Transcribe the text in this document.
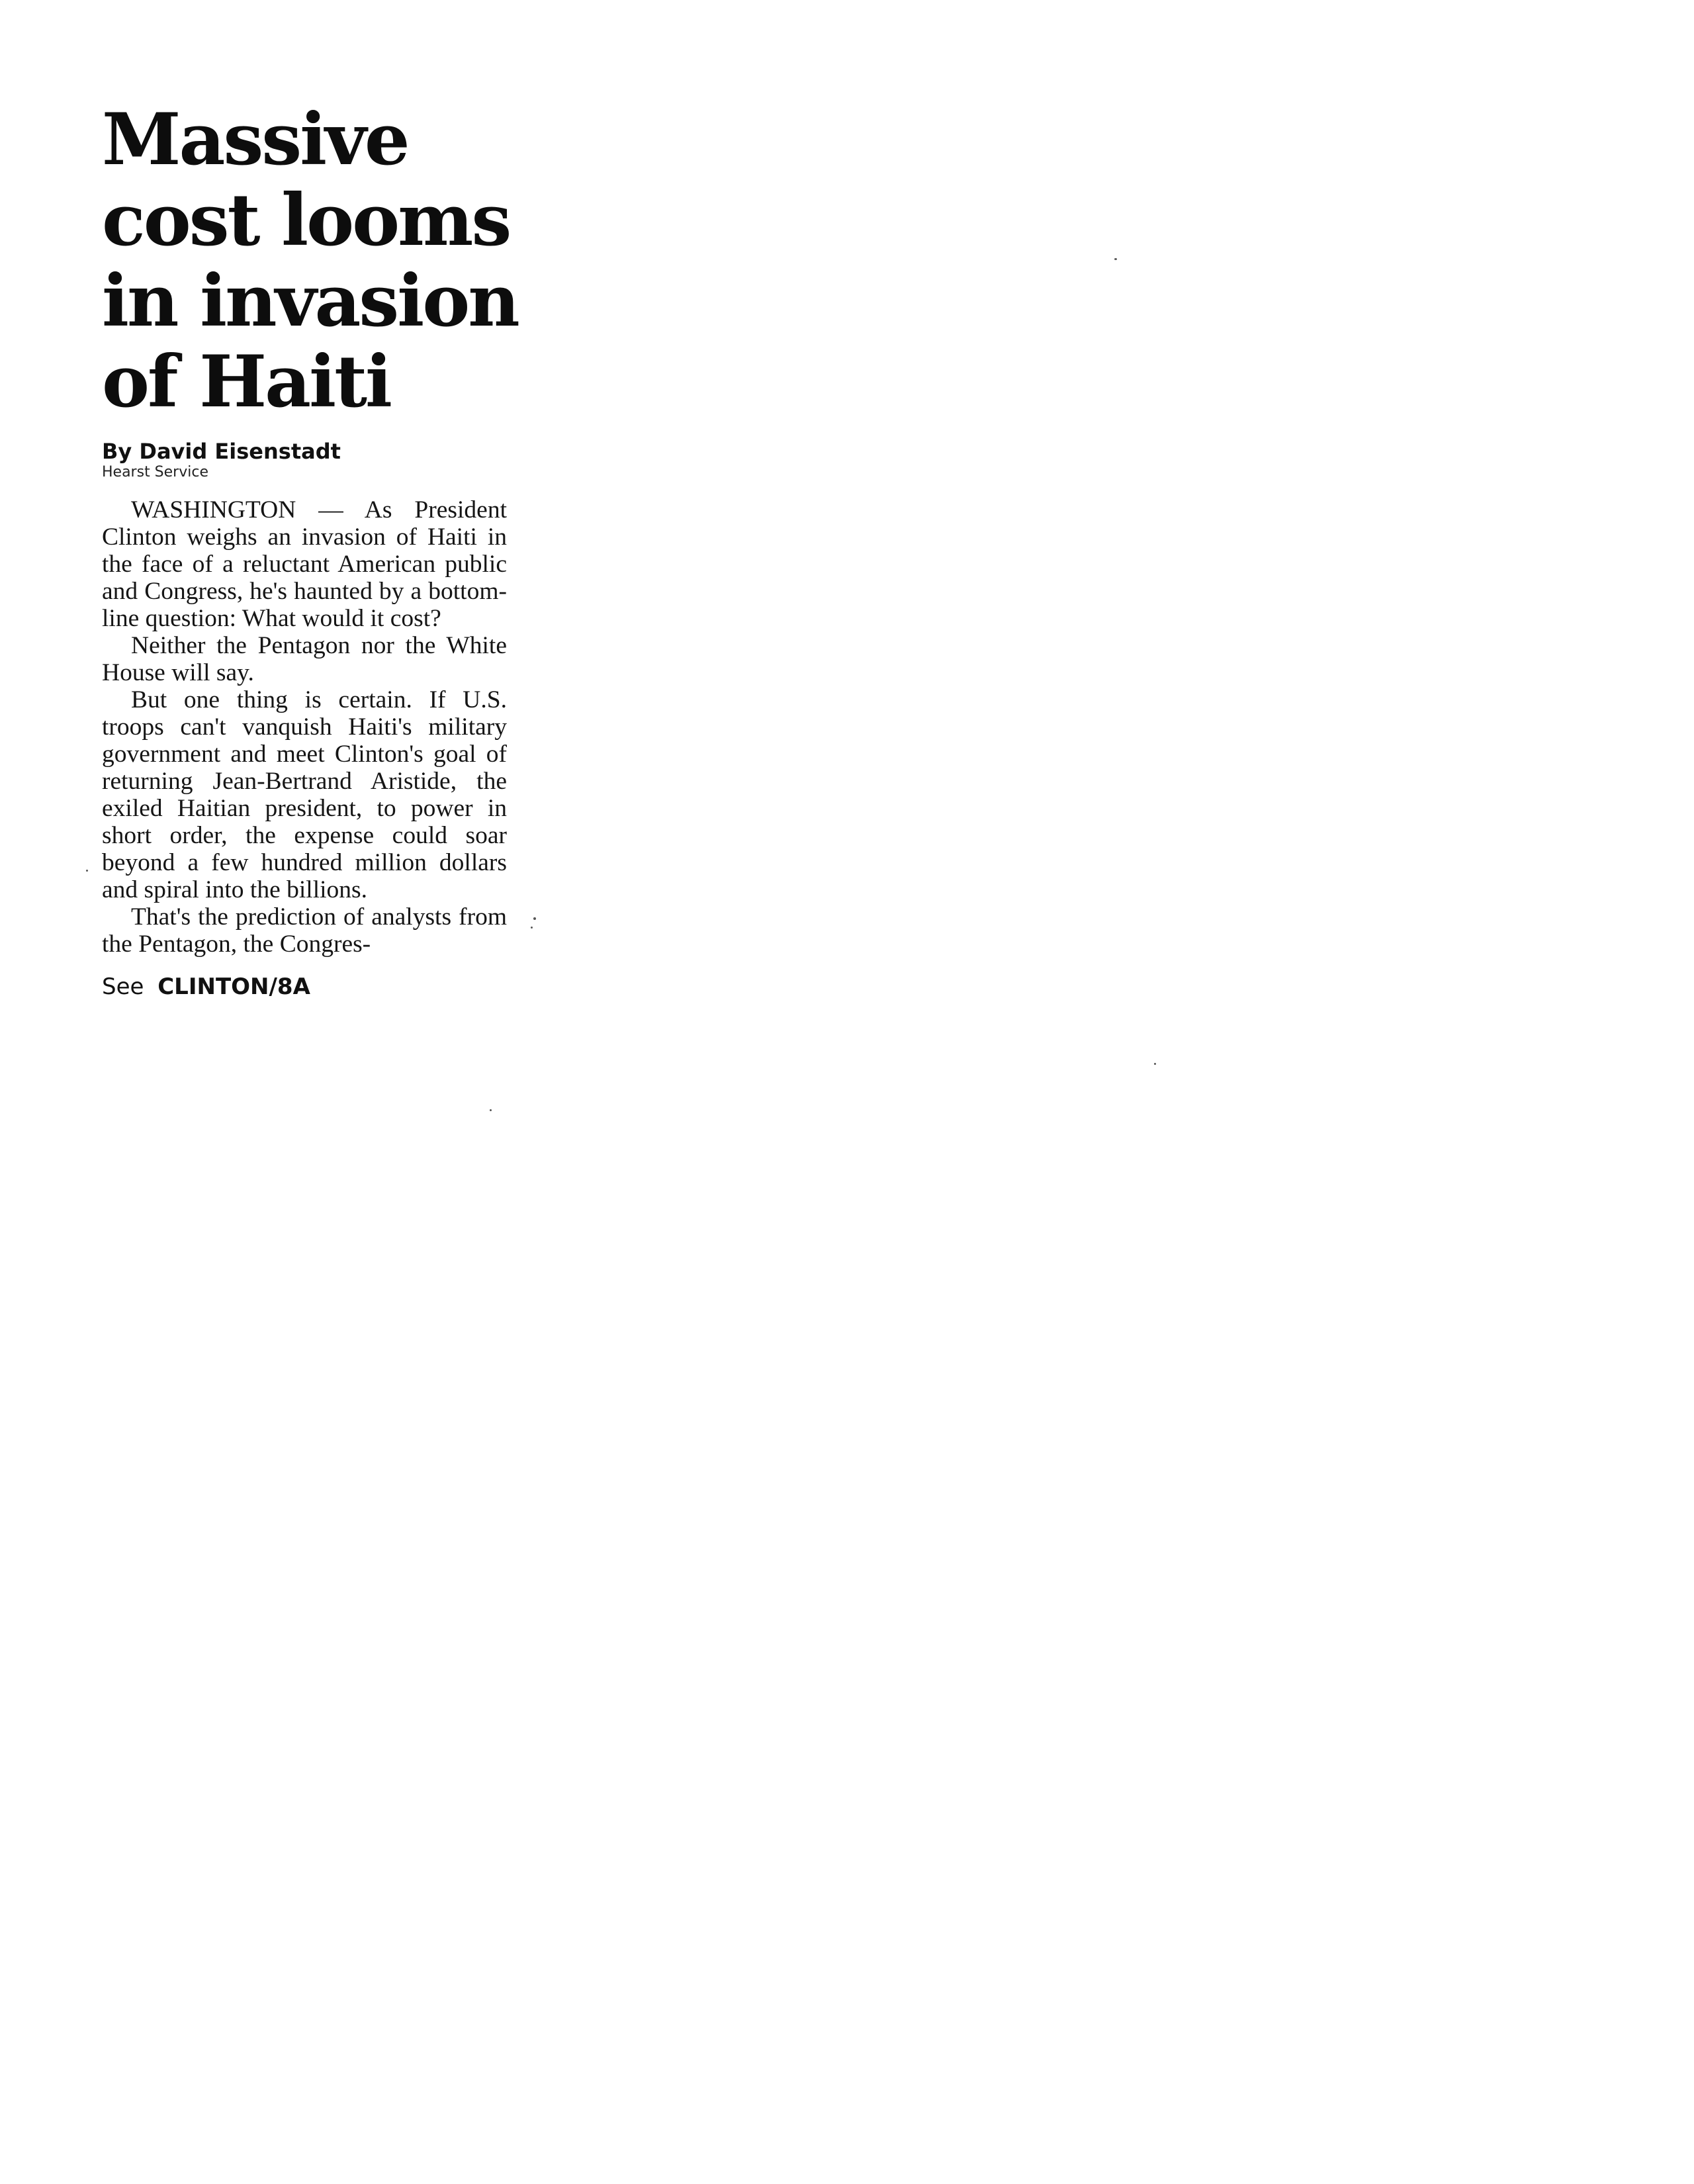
Massive
cost looms
in invasion
of Haiti
By David Eisenstadt
Hearst Service

WASHINGTON — As President Clinton weighs an invasion of Haiti in the face of a reluctant American public and Congress, he's haunted by a bottom-line question: What would it cost?

Neither the Pentagon nor the White House will say.

But one thing is certain. If U.S. troops can't vanquish Haiti's military government and meet Clinton's goal of returning Jean-Bertrand Aristide, the exiled Haitian president, to power in short order, the expense could soar beyond a few hundred million dollars and spiral into the billions.

That's the prediction of analysts from the Pentagon, the Congres-

See CLINTON/8A
